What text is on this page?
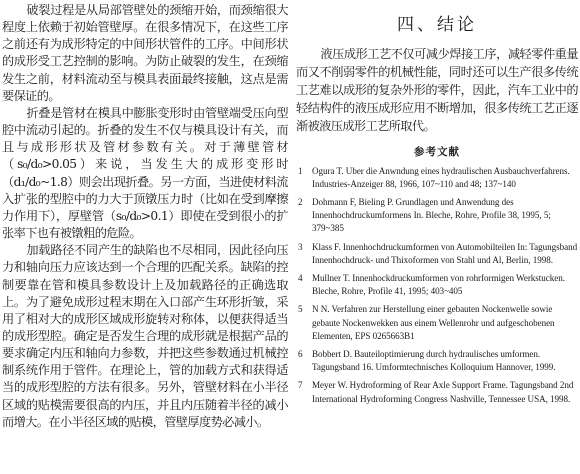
破裂过程是从局部管壁处的颈缩开始，而颈缩很大程度上依赖于初始管壁厚。在很多情况下，在这些工序之前还有为成形特定的中间形状管件的工序。中间形状的成形受工艺控制的影响。为防止破裂的发生，在颈缩发生之前，材料流动至与模具表面最终接触，这点是需要保证的。

折叠是管材在模具中膨胀变形时由管壁端受压向型腔中流动引起的。折叠的发生不仅与模具设计有关，而且与成形形状及管材参数有关。对于薄壁管材（s₀/d₀>0.05）来说，当发生大的成形变形时（d₁/d₀~1.8）则会出现折叠。另一方面，当进使材料流入扩张的型腔中的力大于顶镦压力时（比如在受到摩擦力作用下），厚壁管（s₀/d₀>0.1）即使在受到很小的扩张率下也有被镦粗的危险。

加载路径不同产生的缺陷也不尽相同，因此径向压力和轴向压力应该达到一个合理的匹配关系。缺陷的控制要靠在管和模具参数设计上及加载路径的正确选取上。为了避免成形过程末期在入口部产生环形折皱，采用了相对大的成形区域成形旋转对称体，以便获得适当的成形型腔。确定是否发生合理的成形就是根据产品的要求确定内压和轴向力参数，并把这些参数通过机械控制系统作用于管件。在理论上，管的加载方式和获得适当的成形型腔的方法有很多。另外，管壁材料在小半径区域的贴模需要很高的内压，并且内压随着半径的减小而增大。在小半径区域的贴模，管壁厚度势必减小。

四、结论

液压成形工艺不仅可减少焊接工序，减轻零件重量而又不削弱零件的机械性能，同时还可以生产很多传统工艺难以成形的复杂外形的零件，因此，汽车工业中的轻结构件的液压成形应用不断增加，很多传统工艺正逐渐被液压成形工艺所取代。

参考文献
1 Ogura T. Uber die Anwndung eines hydraulischen Ausbauchverfahrens. Industries-Anzeiger 88, 1966, 107~110 and 48; 137~140
2 Dohmann F, Bieling P. Grundlagen und Anwendung des Innenhochdruckumformens In. Bleche, Rohre, Profile 38, 1995, 5; 379~385
3 Klass F. Innenhochdruckumformen von Automobilteilen In: Tagungsband Innenhochdruck- und Thixoformen von Stahl und Al, Berlin, 1998.
4 Mullner T. Innenhockdruckumformen von rohrformigen Werkstucken. Bleche, Rohre, Profile 41, 1995; 403~405
5 N N. Verfahren zur Herstellung einer gebauten Nockenwelle sowie gebaute Nockenwekken aus einem Wellenrohr und aufgeschobenen Elementen, EPS 0265663B1
6 Bobbert D. Bauteiloptimierung durch hydraulisches umformen. Tagungsband 16. Umformtechnisches Kolloquium Hannover, 1999.
7 Meyer W. Hydroforming of Rear Axle Support Frame. Tagungsband 2nd International Hydroforming Congress Nashville, Tennessee USA, 1998.
